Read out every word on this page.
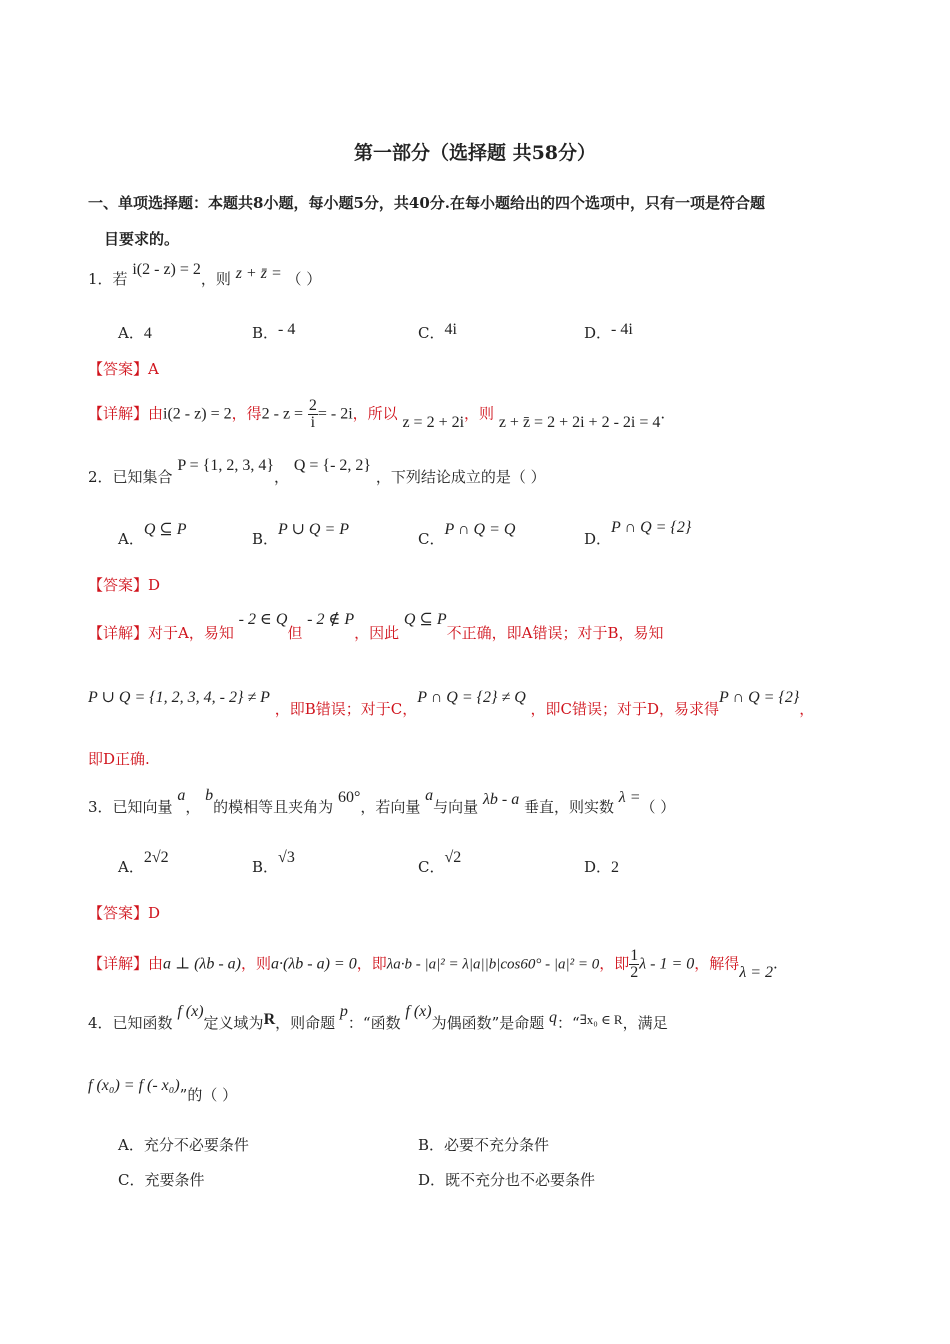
第一部分（选择题 共58分）
一、单项选择题：本题共8小题，每小题5分，共40分.在每小题给出的四个选项中，只有一项是符合题
目要求的。
1．若 i(2 - z) = 2，则 z + z̄ = （ ）
A．4	B．- 4	C．4i	D．- 4i
【答案】A
【详解】由i(2 - z) = 2，得$2 - z = \frac{2}{i}$ = - 2i，所以 z = 2 + 2i，则 z + z̄ = 2 + 2i + 2 - 2i = 4.
2．已知集合 P = {1, 2, 3, 4}， Q = {- 2, 2} ，下列结论成立的是（ ）
A．Q ⊆ P
B．P ∪ Q = P
C．P ∩ Q = Q
D．P ∩ Q = {2}
【答案】D
【详解】对于A，易知 - 2 ∈ Q但 - 2 ∉ P，因此 Q ⊆ P不正确，即A错误；对于B，易知
P ∪ Q = {1, 2, 3, 4, - 2} ≠ P ，即B错误；对于C，P ∩ Q = {2} ≠ Q ，即C错误；对于D，易求得P ∩ Q = {2}，
即D正确.
3．已知向量 a， b的模相等且夹角为 60°，若向量 a与向量 λb - a 垂直，则实数 λ =（ ）
A．2√2
B．√3
C．√2
D．2
【答案】D
【详解】由a ⊥ (λb - a)，则a·(λb - a) = 0，即λa·b - |a|² = λ|a||b|cos60° - |a|² = 0，即 $\frac{1}{2}$ λ - 1 = 0，解得λ = 2.
4．已知函数 f (x)定义域为R，则命题 p：“函数 f (x)为偶函数”是命题 q：“∃x₀ ∈ R，满足
f (x₀) = f (- x₀)”的（ ）
A．充分不必要条件	B．必要不充分条件
C．充要条件	D．既不充分也不必要条件
